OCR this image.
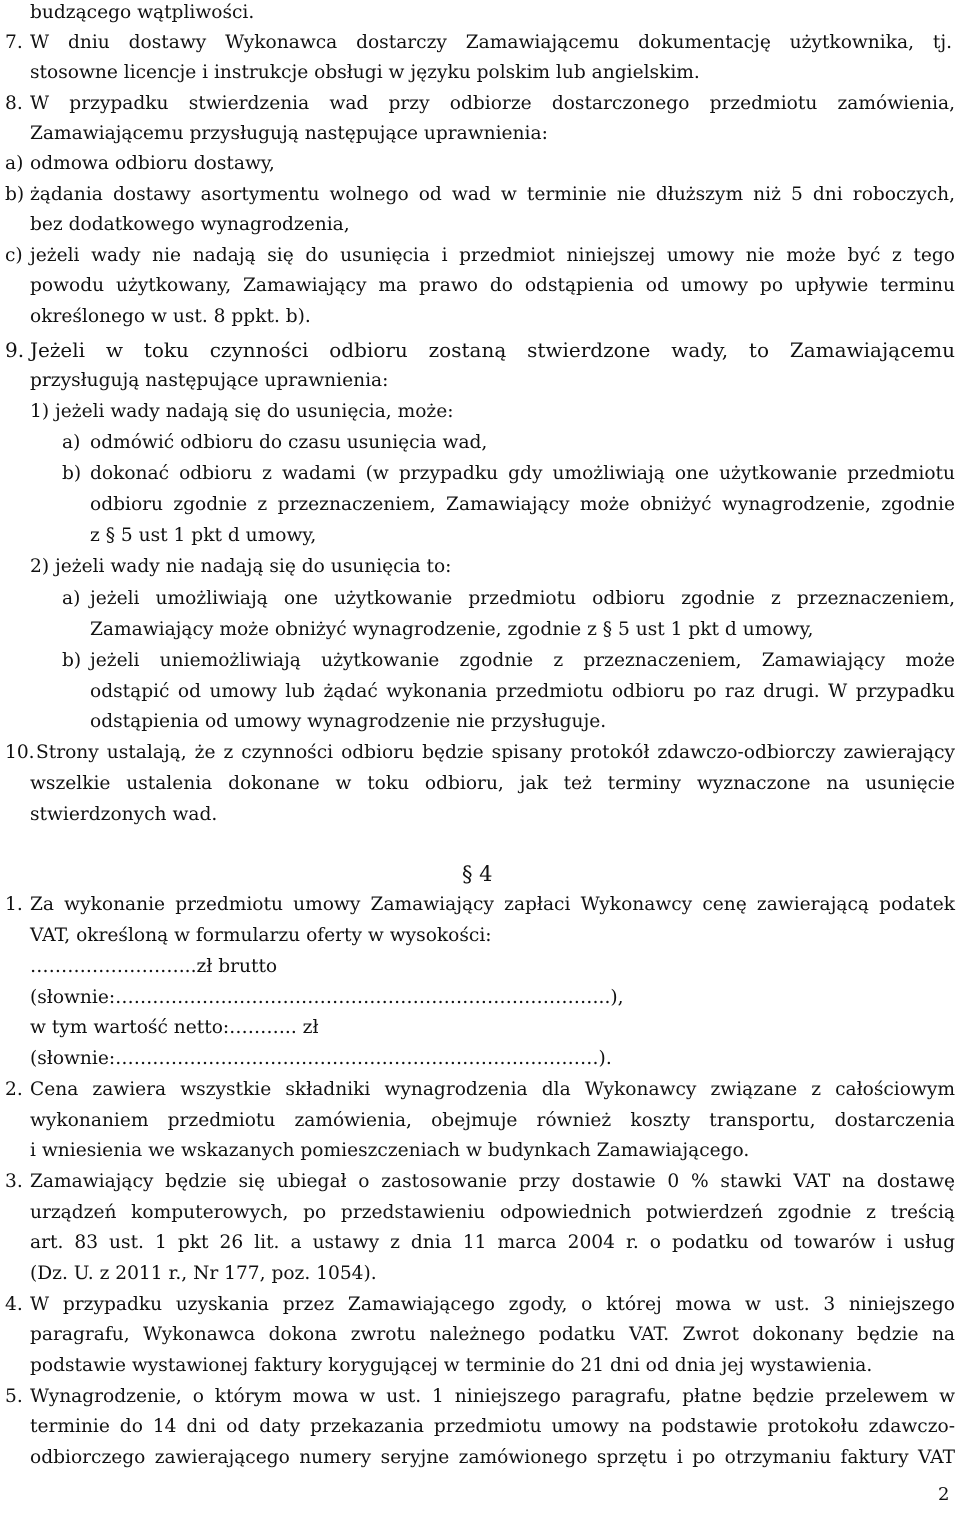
budzącego wątpliwości.
7. W dniu dostawy Wykonawca dostarczy Zamawiającemu dokumentację użytkownika, tj.
stosowne licencje i instrukcje obsługi w języku polskim lub angielskim.
8. W przypadku stwierdzenia wad przy odbiorze dostarczonego przedmiotu zamówienia,
Zamawiającemu przysługują następujące uprawnienia:
a) odmowa odbioru dostawy,
b) żądania dostawy asortymentu wolnego od wad w terminie nie dłuższym niż 5 dni roboczych,
bez dodatkowego wynagrodzenia,
c) jeżeli wady nie nadają się do usunięcia i przedmiot niniejszej umowy nie może być z tego
powodu użytkowany, Zamawiający ma prawo do odstąpienia od umowy po upływie terminu
określonego w ust. 8 ppkt. b).
9. Jeżeli w toku czynności odbioru zostaną stwierdzone wady, to Zamawiającemu
przysługują następujące uprawnienia:
1) jeżeli wady nadają się do usunięcia, może:
a) odmówić odbioru do czasu usunięcia wad,
b) dokonać odbioru z wadami (w przypadku gdy umożliwiają one użytkowanie przedmiotu
odbioru zgodnie z przeznaczeniem, Zamawiający może obniżyć wynagrodzenie, zgodnie
z § 5 ust 1 pkt d umowy,
2) jeżeli wady nie nadają się do usunięcia to:
a) jeżeli umożliwiają one użytkowanie przedmiotu odbioru zgodnie z przeznaczeniem,
Zamawiający może obniżyć wynagrodzenie, zgodnie z § 5 ust 1 pkt d umowy,
b) jeżeli uniemożliwiają użytkowanie zgodnie z przeznaczeniem, Zamawiający może
odstąpić od umowy lub żądać wykonania przedmiotu odbioru po raz drugi. W przypadku
odstąpienia od umowy wynagrodzenie nie przysługuje.
10. Strony ustalają, że z czynności odbioru będzie spisany protokół zdawczo-odbiorczy zawierający
wszelkie ustalenia dokonane w toku odbioru, jak też terminy wyznaczone na usunięcie
stwierdzonych wad.
§ 4
1. Za wykonanie przedmiotu umowy Zamawiający zapłaci Wykonawcy cenę zawierającą podatek
VAT, określoną w formularzu oferty w wysokości:
……………………...zł brutto
(słownie:……………………………………………………………………..),
w tym wartość netto:……….. zł
(słownie:……………………………………………………………………).
2. Cena zawiera wszystkie składniki wynagrodzenia dla Wykonawcy związane z całościowym
wykonaniem przedmiotu zamówienia, obejmuje również koszty transportu, dostarczenia
i wniesienia we wskazanych pomieszczeniach w budynkach Zamawiającego.
3. Zamawiający będzie się ubiegał o zastosowanie przy dostawie 0 % stawki VAT na dostawę
urządzeń komputerowych, po przedstawieniu odpowiednich potwierdzeń zgodnie z treścią
art. 83 ust. 1 pkt 26 lit. a ustawy z dnia 11 marca 2004 r. o podatku od towarów i usług
(Dz. U. z 2011 r., Nr 177, poz. 1054).
4. W przypadku uzyskania przez Zamawiającego zgody, o której mowa w ust. 3 niniejszego
paragrafu, Wykonawca dokona zwrotu należnego podatku VAT. Zwrot dokonany będzie na
podstawie wystawionej faktury korygującej w terminie do 21 dni od dnia jej wystawienia.
5. Wynagrodzenie, o którym mowa w ust. 1 niniejszego paragrafu, płatne będzie przelewem w
terminie do 14 dni od daty przekazania przedmiotu umowy na podstawie protokołu zdawczo-
odbiorczego zawierającego numery seryjne zamówionego sprzętu i po otrzymaniu faktury VAT
2
